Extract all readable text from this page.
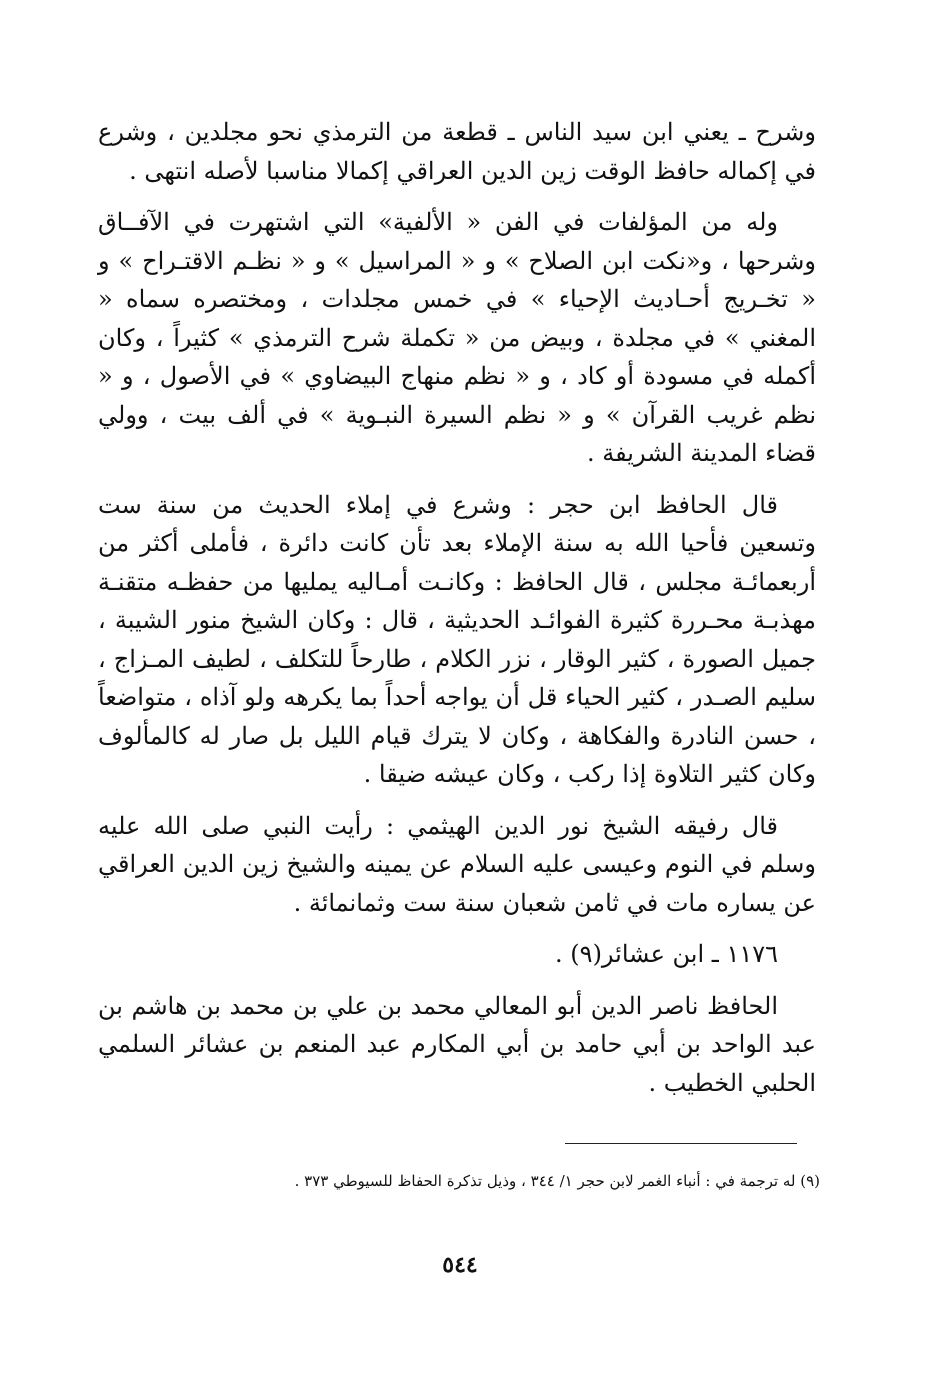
وشرح ـ يعني ابن سيد الناس ـ قطعة من الترمذي نحو مجلدين ، وشرع في إكماله حافظ الوقت زين الدين العراقي إكمالا مناسبا لأصله انتهى .

وله من المؤلفات في الفن « الألفية» التي اشتهرت في الآفــاق وشرحها ، و«نكت ابن الصلاح » و « المراسيل » و « نظـم الاقتـراح » و « تخـريج أحـاديث الإحياء » في خمس مجلدات ، ومختصره سماه « المغني » في مجلدة ، وبيض من « تكملة شرح الترمذي » كثيراً ، وكان أكمله في مسودة أو كاد ، و « نظم منهاج البيضاوي » في الأصول ، و « نظم غريب القرآن » و « نظم السيرة النبـوية » في ألف بيت ، وولي قضاء المدينة الشريفة .

قال الحافظ ابن حجر : وشرع في إملاء الحديث من سنة ست وتسعين فأحيا الله به سنة الإملاء بعد تأن كانت دائرة ، فأملى أكثر من أربعمائـة مجلس ، قال الحافظ : وكانـت أمـاليه يمليها من حفظـه متقنـة مهذبـة محـررة كثيرة الفوائـد الحديثية ، قال : وكان الشيخ منور الشيبة ، جميل الصورة ، كثير الوقار ، نزر الكلام ، طارحاً للتكلف ، لطيف المـزاج ، سليم الصـدر ، كثير الحياء قل أن يواجه أحداً بما يكرهه ولو آذاه ، متواضعاً ، حسن النادرة والفكاهة ، وكان لا يترك قيام الليل بل صار له كالمألوف وكان كثير التلاوة إذا ركب ، وكان عيشه ضيقا .

قال رفيقه الشيخ نور الدين الهيثمي : رأيت النبي صلى الله عليه وسلم في النوم وعيسى عليه السلام عن يمينه والشيخ زين الدين العراقي عن يساره مات في ثامن شعبان سنة ست وثمانمائة .

١١٧٦ ـ ابن عشائر(٩) .

الحافظ ناصر الدين أبو المعالي محمد بن علي بن محمد بن هاشم بن عبد الواحد بن أبي حامد بن أبي المكارم عبد المنعم بن عشائر السلمي الحلبي الخطيب .

(٩) له ترجمة في : أنباء الغمر لابن حجر ١/ ٣٤٤ ، وذيل تذكرة الحفاظ للسيوطي ٣٧٣ .
٥٤٤
